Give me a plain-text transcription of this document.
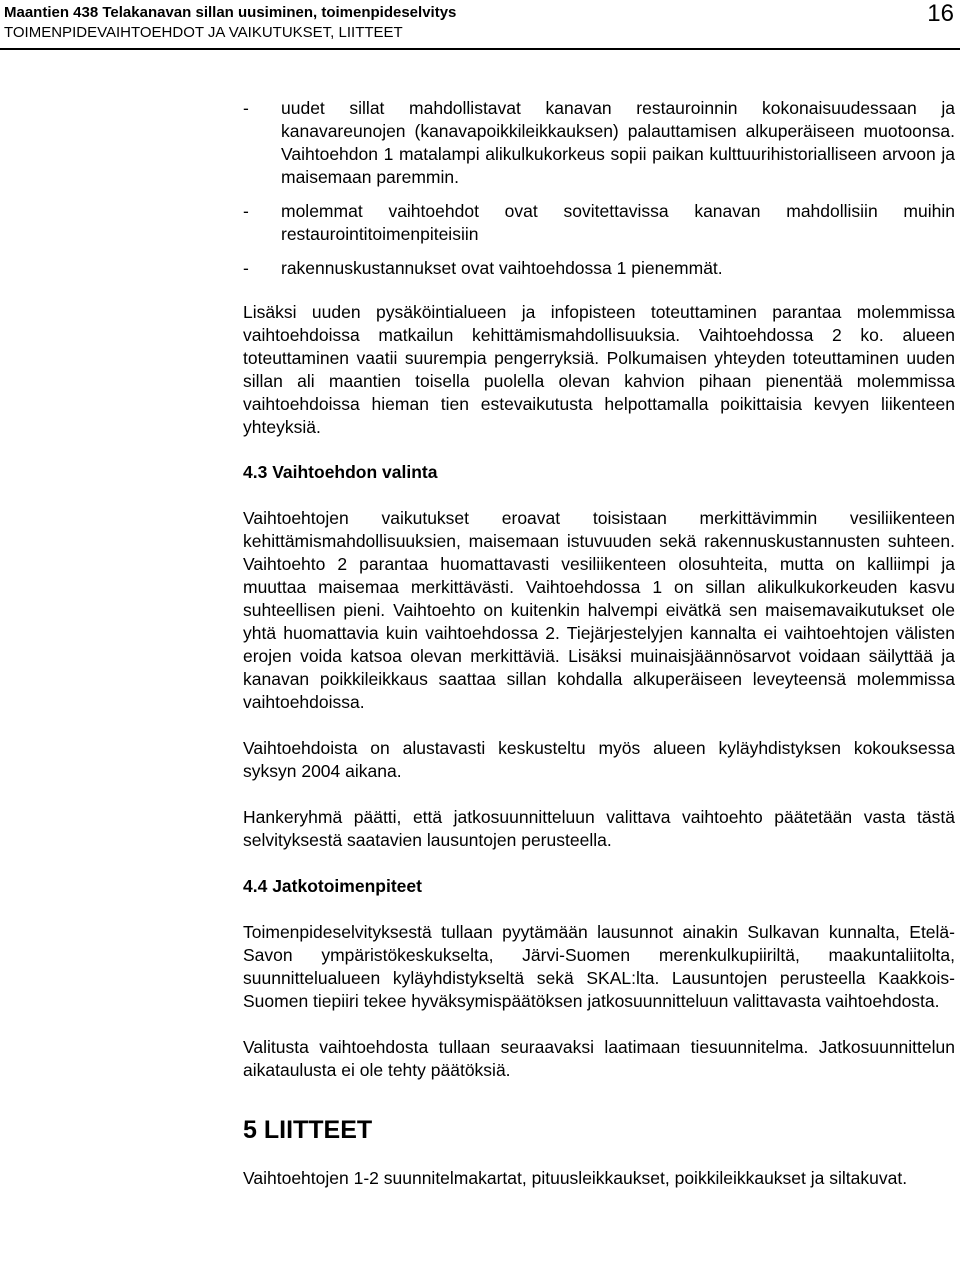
Maantien 438 Telakanavan sillan uusiminen, toimenpideselvitys
TOIMENPIDEVAIHTOEHDOT JA VAIKUTUKSET, LIITTEET
16
-	uudet sillat mahdollistavat kanavan restauroinnin kokonaisuudessaan ja kanavareunojen (kanavapoikkileikkauksen) palauttamisen alkuperäiseen muotoonsa. Vaihtoehdon 1 matalampi alikulkukorkeus sopii paikan kulttuurihistorialliseen arvoon ja maisemaan paremmin.
-	molemmat vaihtoehdot ovat sovitettavissa kanavan mahdollisiin muihin restaurointitoimenpiteisiin
-	rakennuskustannukset ovat vaihtoehdossa 1 pienemmät.

Lisäksi uuden pysäköintialueen ja infopisteen toteuttaminen parantaa molemmissa vaihtoehdoissa matkailun kehittämismahdollisuuksia. Vaihtoehdossa 2 ko. alueen toteuttaminen vaatii suurempia pengerryksiä. Polkumaisen yhteyden toteuttaminen uuden sillan ali maantien toisella puolella olevan kahvion pihaan pienentää molemmissa vaihtoehdoissa hieman tien estevaikutusta helpottamalla poikittaisia kevyen liikenteen yhteyksiä.

4.3 Vaihtoehdon valinta

Vaihtoehtojen vaikutukset eroavat toisistaan merkittävimmin vesiliikenteen kehittämismahdollisuuksien, maisemaan istuvuuden sekä rakennuskustannusten suhteen. Vaihtoehto 2 parantaa huomattavasti vesiliikenteen olosuhteita, mutta on kalliimpi ja muuttaa maisemaa merkittävästi. Vaihtoehdossa 1 on sillan alikulkukorkeuden kasvu suhteellisen pieni. Vaihtoehto on kuitenkin halvempi eivätkä sen maisemavaikutukset ole yhtä huomattavia kuin vaihtoehdossa 2. Tiejärjestelyjen kannalta ei vaihtoehtojen välisten erojen voida katsoa olevan merkittäviä. Lisäksi muinaisjäännösarvot voidaan säilyttää ja kanavan poikkileikkaus saattaa sillan kohdalla alkuperäiseen leveyteensä molemmissa vaihtoehdoissa.

Vaihtoehdoista on alustavasti keskusteltu myös alueen kyläyhdistyksen kokouksessa syksyn 2004 aikana.

Hankeryhmä päätti, että jatkosuunnitteluun valittava vaihtoehto päätetään vasta tästä selvityksestä saatavien lausuntojen perusteella.

4.4 Jatkotoimenpiteet

Toimenpideselvityksestä tullaan pyytämään lausunnot ainakin Sulkavan kunnalta, Etelä-Savon ympäristökeskukselta, Järvi-Suomen merenkulkupiiriltä, maakuntaliitolta, suunnittelualueen kyläyhdistykseltä sekä SKAL:lta. Lausuntojen perusteella Kaakkois-Suomen tiepiiri tekee hyväksymispäätöksen jatkosuunnitteluun valittavasta vaihtoehdosta.

Valitusta vaihtoehdosta tullaan seuraavaksi laatimaan tiesuunnitelma. Jatkosuunnittelun aikataulusta ei ole tehty päätöksiä.

5 LIITTEET

Vaihtoehtojen 1-2 suunnitelmakartat, pituusleikkaukset, poikkileikkaukset ja siltakuvat.
